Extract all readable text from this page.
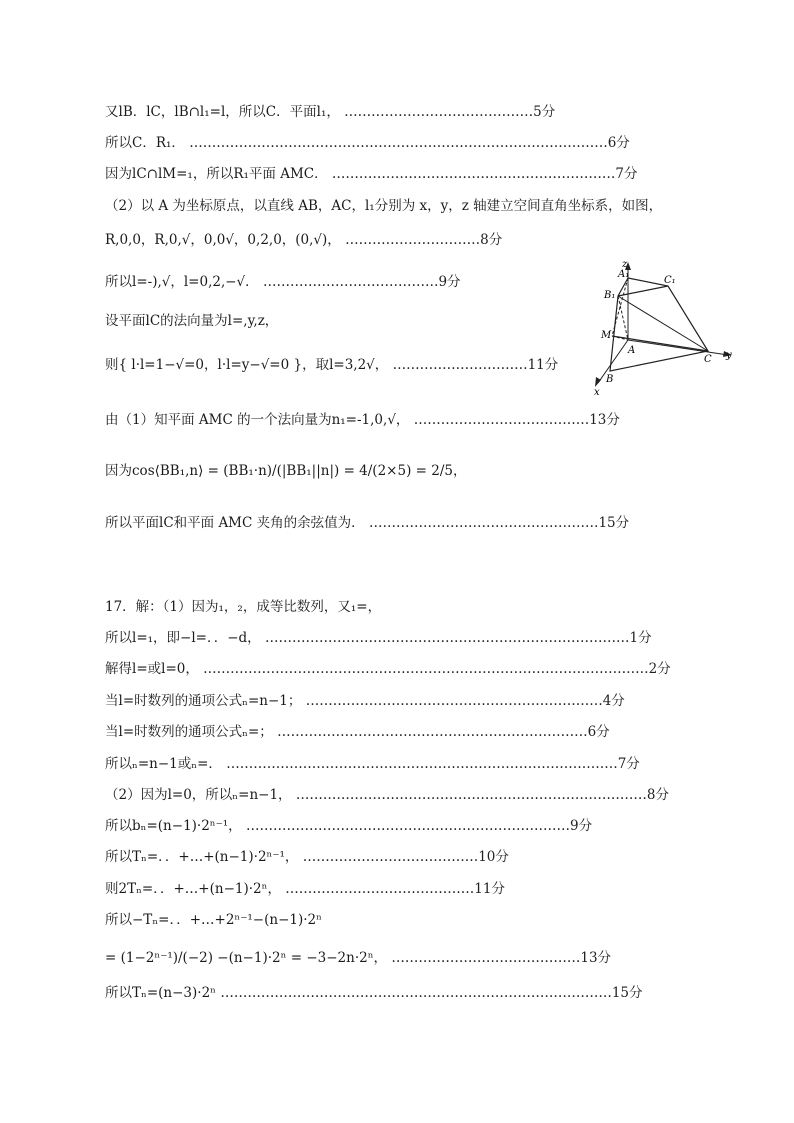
又lB．lC，lB∩l₁=l，所以C．平面l₁， ……………………………………5分
所以C．R₁． …………………………………………………………………………………6分
因为lC∩lM=₁，所以R₁平面 AMC． ………………………………………………………7分
（2）以 A 为坐标原点，以直线 AB，AC，l₁分别为 x，y，z 轴建立空间直角坐标系，如图，
R,0,0，R,0,√，0,0√，0,2,0，(0,√)， …………………………8分
所以l=-),√，l=0,2,−√． …………………………………9分
设平面lC的法向量为l=,y,z，
则{ l·l=1−√=0，l·l=y−√=0 }，取l=3,2√， …………………………11分
由（1）知平面 AMC 的一个法向量为n₁=-1,0,√， …………………………………13分
因为cos⟨BB₁,n⟩ = (BB₁·n)/(|BB₁||n|) = 4/(2×5) = 2/5，
所以平面lC和平面 AMC 夹角的余弦值为． ……………………………………………15分
17．解：（1）因为₁，₂，成等比数列，又₁=，
所以l=₁，即−l=．．−d， ………………………………………………………………………1分
解得l=或l=0， ………………………………………………………………………………………2分
当l=时数列的通项公式ₙ=n−1； …………………………………………………………4分
当l=时数列的通项公式ₙ=； ……………………………………………………………6分
所以ₙ=n−1或ₙ=． ……………………………………………………………………………7分
（2）因为l=0，所以ₙ=n−1， ……………………………………………………………………8分
所以bₙ=(n−1)·2ⁿ⁻¹， ………………………………………………………………9分
所以Tₙ=．．+…+(n−1)·2ⁿ⁻¹， …………………………………10分
则2Tₙ=．．+…+(n−1)·2ⁿ， ……………………………………11分
所以−Tₙ=．．+…+2ⁿ⁻¹−(n−1)·2ⁿ
= (1−2ⁿ⁻¹)/(−2) −(n−1)·2ⁿ = −3−2n·2ⁿ， ……………………………………13分
所以Tₙ=(n−3)·2ⁿ ……………………………………………………………………………15分
z
A₁
C₁
B₁
M
A
C y
B
x
